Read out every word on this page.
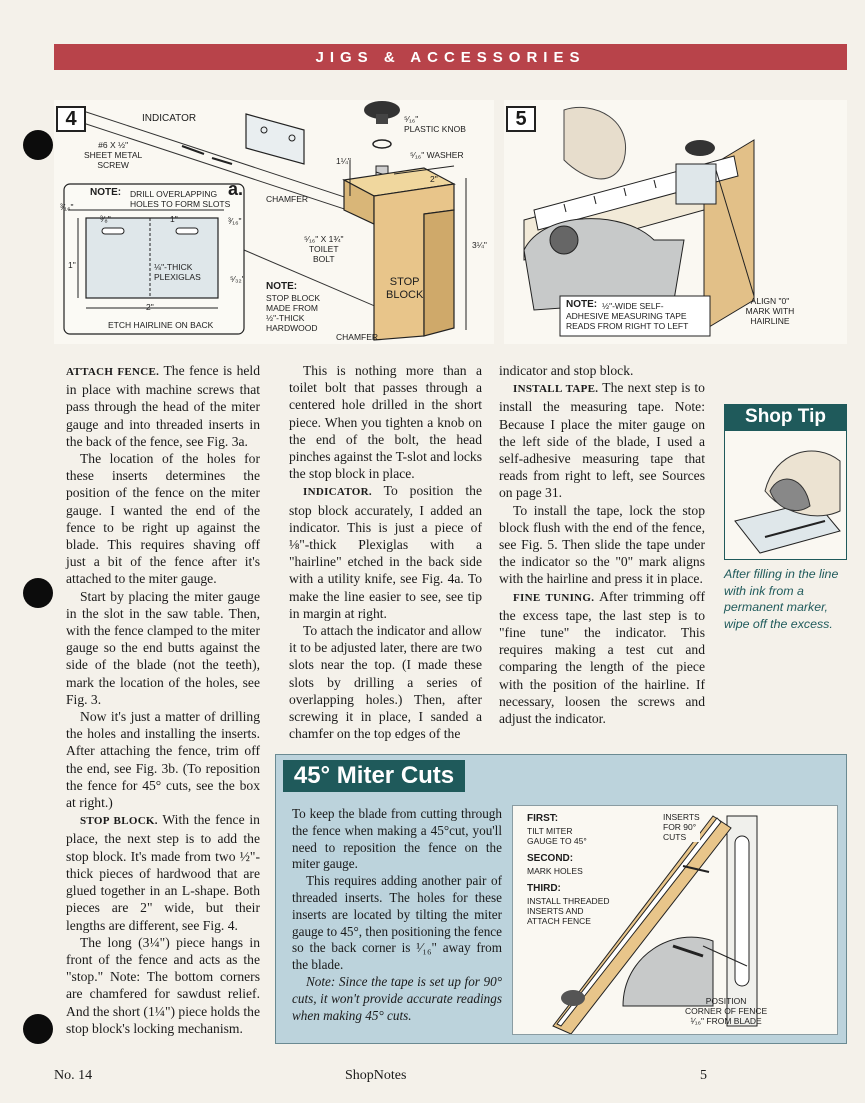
JIGS & ACCESSORIES
4	INDICATOR
#6 X ½"
SHEET METAL
SCREW
⁵⁄₁₆"
PLASTIC KNOB
⁵⁄₁₆" WASHER
1¼"
2"
CHAMFER
⁵⁄₁₆" X 1¾"
TOILET
BOLT
3¼"
STOP
BLOCK
NOTE:
STOP BLOCK
MADE FROM
½"-THICK
HARDWOOD
CHAMFER
NOTE: DRILL OVERLAPPING
HOLES TO FORM SLOTS
a.
³⁄₁₆"
³⁄₈"	1"	³⁄₁₆"
1"	⅛"-THICK
PLEXIGLAS	⁵⁄₃₂"
2"
ETCH HAIRLINE ON BACK
5
NOTE: ½"-WIDE SELF-
ADHESIVE MEASURING TAPE
READS FROM RIGHT TO LEFT
ALIGN "0"
MARK WITH
HAIRLINE

ATTACH FENCE. The fence is held in place with machine screws that pass through the head of the miter gauge and into threaded inserts in the back of the fence, see Fig. 3a.

The location of the holes for these inserts determines the position of the fence on the miter gauge. I wanted the end of the fence to be right up against the blade. This requires shaving off just a bit of the fence after it's attached to the miter gauge.

Start by placing the miter gauge in the slot in the saw table. Then, with the fence clamped to the miter gauge so the end butts against the side of the blade (not the teeth), mark the location of the holes, see Fig. 3.

Now it's just a matter of drilling the holes and installing the inserts. After attaching the fence, trim off the end, see Fig. 3b. (To reposition the fence for 45° cuts, see the box at right.)

STOP BLOCK. With the fence in place, the next step is to add the stop block. It's made from two ½"-thick pieces of hardwood that are glued together in an L-shape. Both pieces are 2" wide, but their lengths are different, see Fig. 4.

The long (3¼") piece hangs in front of the fence and acts as the "stop." Note: The bottom corners are chamfered for sawdust relief. And the short (1¼") piece holds the stop block's locking mechanism.

This is nothing more than a toilet bolt that passes through a centered hole drilled in the short piece. When you tighten a knob on the end of the bolt, the head pinches against the T-slot and locks the stop block in place.

INDICATOR. To position the stop block accurately, I added an indicator. This is just a piece of ⅛"-thick Plexiglas with a "hairline" etched in the back side with a utility knife, see Fig. 4a. To make the line easier to see, see tip in margin at right.

To attach the indicator and allow it to be adjusted later, there are two slots near the top. (I made these slots by drilling a series of overlapping holes.) Then, after screwing it in place, I sanded a chamfer on the top edges of the

indicator and stop block.

INSTALL TAPE. The next step is to install the measuring tape. Note: Because I place the miter gauge on the left side of the blade, I used a self-adhesive measuring tape that reads from right to left, see Sources on page 31.

To install the tape, lock the stop block flush with the end of the fence, see Fig. 5. Then slide the tape under the indicator so the "0" mark aligns with the hairline and press it in place.

FINE TUNING. After trimming off the excess tape, the last step is to "fine tune" the indicator. This requires making a test cut and comparing the length of the piece with the position of the hairline. If necessary, loosen the screws and adjust the indicator.

Shop Tip
After filling in the line with ink from a permanent marker, wipe off the excess.
45° Miter Cuts

To keep the blade from cutting through the fence when making a 45°cut, you'll need to reposition the fence on the miter gauge.

This requires adding another pair of threaded inserts. The holes for these inserts are located by tilting the miter gauge to 45°, then positioning the fence so the back corner is ¹⁄₁₆" away from the blade.

Note: Since the tape is set up for 90° cuts, it won't provide accurate readings when making 45° cuts.

FIRST:
TILT MITER
GAUGE TO 45°
SECOND:
MARK HOLES
THIRD:
INSTALL THREADED
INSERTS AND
ATTACH FENCE
INSERTS
FOR 90°
CUTS
POSITION
CORNER OF FENCE
¹⁄₁₆" FROM BLADE
No. 14	ShopNotes	5
